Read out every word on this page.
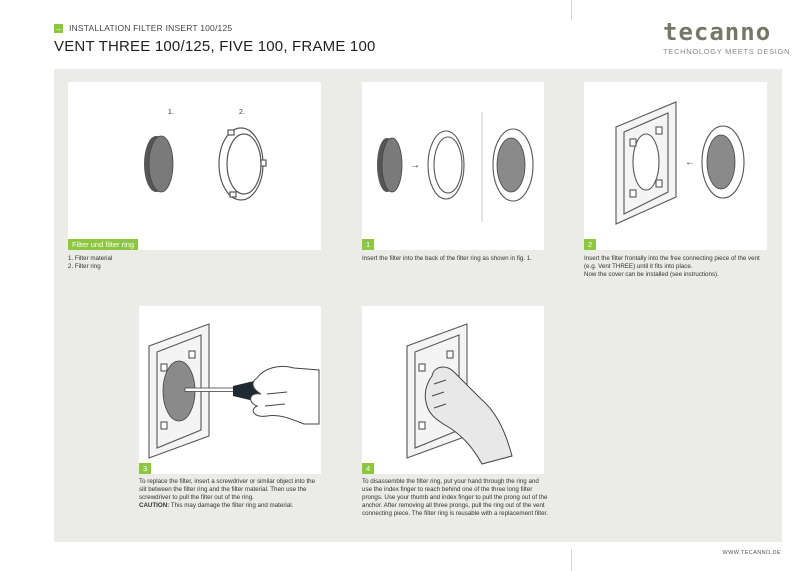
→ INSTALLATION FILTER INSERT 100/125
VENT THREE 100/125, FIVE 100, FRAME 100
tecanno
TECHNOLOGY MEETS DESIGN
1.	2.
Filter und filter ring
1. Filter material
2. Filter ring
→
1
Insert the filter into the back of the filter ring as shown in fig. 1.
←
2
Insert the filter frontally into the free connecting piece of the vent
(e.g. Vent THREE) until it fits into place.
Now the cover can be installed (see instructions).
3
To replace the filter, insert a screwdriver or similar object into the
slit between the filter ring and the filter material. Then use the
screwdriver to pull the filter out of the ring.
CAUTION: This may damage the filter ring and material.
4
To disassemble the filter ring, put your hand through the ring and
use the index finger to reach behind one of the three long filter
prongs. Use your thumb and index finger to pull the prong out of the
anchor. After removing all three prongs, pull the ring out of the vent
connecting piece. The filter ring is reusable with a replacement filter.
WWW.TECANNO.DE
